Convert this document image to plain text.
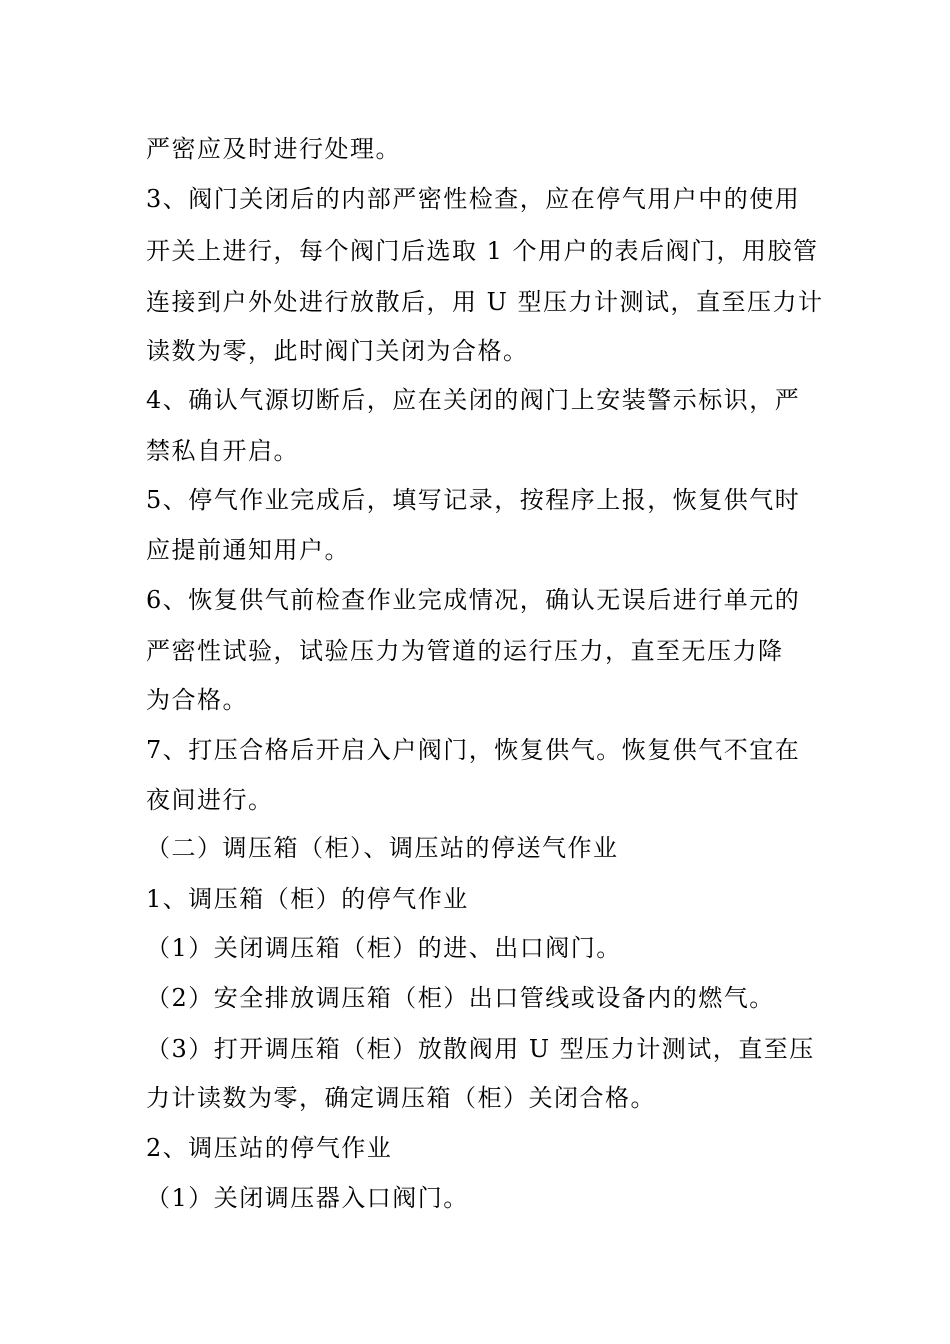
严密应及时进行处理。
3、阀门关闭后的内部严密性检查，应在停气用户中的使用
开关上进行，每个阀门后选取 1 个用户的表后阀门，用胶管
连接到户外处进行放散后，用 U 型压力计测试，直至压力计
读数为零，此时阀门关闭为合格。
4、确认气源切断后，应在关闭的阀门上安装警示标识，严
禁私自开启。
5、停气作业完成后，填写记录，按程序上报，恢复供气时
应提前通知用户。
6、恢复供气前检查作业完成情况，确认无误后进行单元的
严密性试验，试验压力为管道的运行压力，直至无压力降
为合格。
7、打压合格后开启入户阀门，恢复供气。恢复供气不宜在
夜间进行。
（二）调压箱（柜）、调压站的停送气作业
1、调压箱（柜）的停气作业
（1）关闭调压箱（柜）的进、出口阀门。
（2）安全排放调压箱（柜）出口管线或设备内的燃气。
（3）打开调压箱（柜）放散阀用 U 型压力计测试，直至压
力计读数为零，确定调压箱（柜）关闭合格。
2、调压站的停气作业
（1）关闭调压器入口阀门。
